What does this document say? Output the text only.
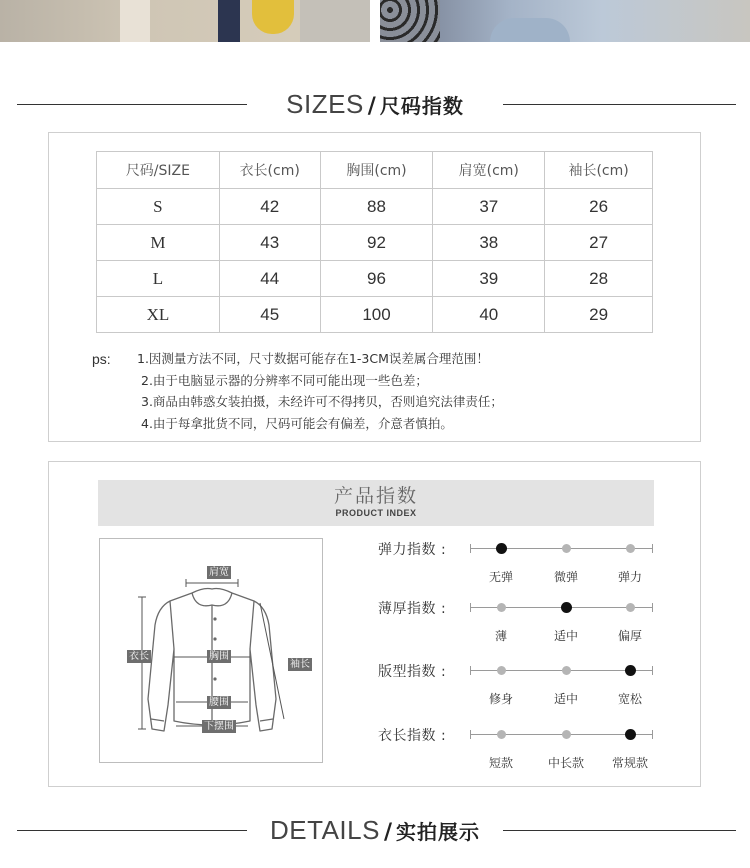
SIZES / 尺码指数
尺码/SIZE	衣长(cm)	胸围(cm)	肩宽(cm)	袖长(cm)
S	42	88	37	26
M	43	92	38	27
L	44	96	39	28
XL	45	100	40	29
ps: 1.因测量方法不同，尺寸数据可能存在1-3CM误差属合理范围！
2.由于电脑显示器的分辨率不同可能出现一些色差；
3.商品由韩惑女装拍摄，未经许可不得拷贝，否则追究法律责任；
4.由于每拿批货不同，尺码可能会有偏差，介意者慎拍。
产品指数
PRODUCT INDEX
肩宽
衣长	胸围
袖长
腰围
下摆围
弹力指数 :
无弹	微弹	弹力
薄厚指数 :
薄	适中	偏厚
版型指数 :
修身	适中	宽松
衣长指数 :
短款	中长款 常规款
DETAILS / 实拍展示
